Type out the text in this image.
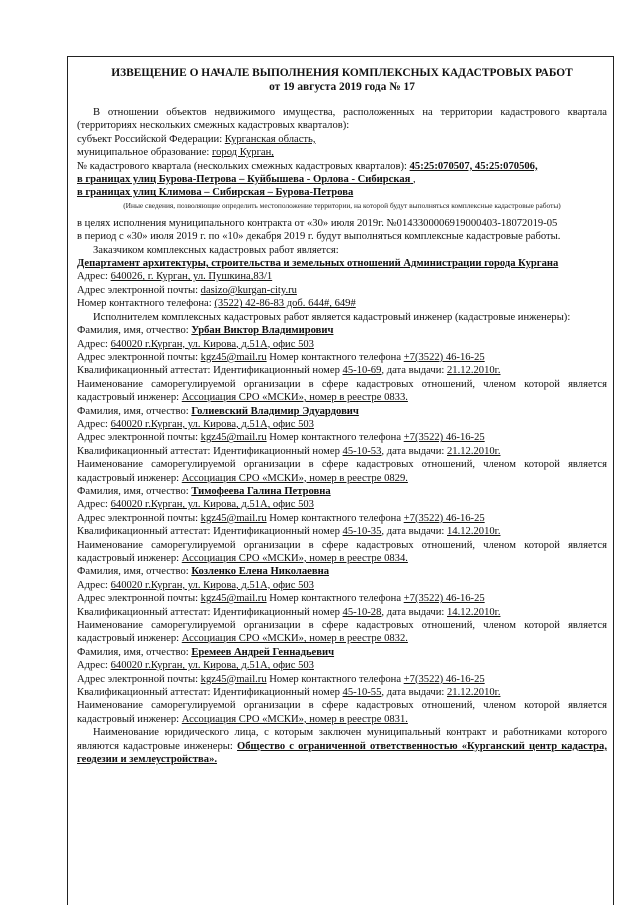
ИЗВЕЩЕНИЕ О НАЧАЛЕ ВЫПОЛНЕНИЯ КОМПЛЕКСНЫХ КАДАСТРОВЫХ РАБОТ
от 19 августа 2019 года № 17

В отношении объектов недвижимого имущества, расположенных на территории кадастрового квартала (территориях нескольких смежных кадастровых кварталов):

субъект Российской Федерации: Курганская область,

муниципальное образование: город Курган,

№ кадастрового квартала (нескольких смежных кадастровых кварталов): 45:25:070507, 45:25:070506,

в границах улиц Бурова-Петрова – Куйбышева - Орлова - Сибирская ,

в границах улиц Климова – Сибирская – Бурова-Петрова

(Иные сведения, позволяющие определить местоположение территории, на которой будут выполняться комплексные кадастровые работы)

в целях исполнения муниципального контракта от «30» июля 2019г. №0143300006919000403-18072019-05

в период с «30» июля 2019 г. по «10» декабря 2019 г. будут выполняться комплексные кадастровые работы.

Заказчиком комплексных кадастровых работ является:

Департамент архитектуры, строительства и земельных отношений Администрации города Кургана

Адрес: 640026, г. Курган, ул. Пушкина,83/1

Адрес электронной почты: dasizo@kurgan-city.ru

Номер контактного телефона: (3522) 42-86-83 доб. 644#, 649#

Исполнителем комплексных кадастровых работ является кадастровый инженер (кадастровые инженеры):

Фамилия, имя, отчество: Урбан Виктор Владимирович

Адрес: 640020 г.Курган, ул. Кирова, д.51А, офис 503

Адрес электронной почты: kgz45@mail.ru Номер контактного телефона +7(3522) 46-16-25

Квалификационный аттестат: Идентификационный номер 45-10-69, дата выдачи: 21.12.2010г.

Наименование саморегулируемой организации в сфере кадастровых отношений, членом которой является кадастровый инженер: Ассоциация СРО «МСКИ», номер в реестре 0833.

Фамилия, имя, отчество: Голиевский Владимир Эдуардович

Адрес: 640020 г.Курган, ул. Кирова, д.51А, офис 503

Адрес электронной почты: kgz45@mail.ru Номер контактного телефона +7(3522) 46-16-25

Квалификационный аттестат: Идентификационный номер 45-10-53, дата выдачи: 21.12.2010г.

Наименование саморегулируемой организации в сфере кадастровых отношений, членом которой является кадастровый инженер: Ассоциация СРО «МСКИ», номер в реестре 0829.

Фамилия, имя, отчество: Тимофеева Галина Петровна

Адрес: 640020 г.Курган, ул. Кирова, д.51А, офис 503

Адрес электронной почты: kgz45@mail.ru Номер контактного телефона +7(3522) 46-16-25

Квалификационный аттестат: Идентификационный номер 45-10-35, дата выдачи: 14.12.2010г.

Наименование саморегулируемой организации в сфере кадастровых отношений, членом которой является кадастровый инженер: Ассоциация СРО «МСКИ», номер в реестре 0834.

Фамилия, имя, отчество: Козленко Елена Николаевна

Адрес: 640020 г.Курган, ул. Кирова, д.51А, офис 503

Адрес электронной почты: kgz45@mail.ru Номер контактного телефона +7(3522) 46-16-25

Квалификационный аттестат: Идентификационный номер 45-10-28, дата выдачи: 14.12.2010г.

Наименование саморегулируемой организации в сфере кадастровых отношений, членом которой является кадастровый инженер: Ассоциация СРО «МСКИ», номер в реестре 0832.

Фамилия, имя, отчество: Еремеев Андрей Геннадьевич

Адрес: 640020 г.Курган, ул. Кирова, д.51А, офис 503

Адрес электронной почты: kgz45@mail.ru Номер контактного телефона +7(3522) 46-16-25

Квалификационный аттестат: Идентификационный номер 45-10-55, дата выдачи: 21.12.2010г.

Наименование саморегулируемой организации в сфере кадастровых отношений, членом которой является кадастровый инженер: Ассоциация СРО «МСКИ», номер в реестре 0831.

Наименование юридического лица, с которым заключен муниципальный контракт и работниками которого являются кадастровые инженеры: Общество с ограниченной ответственностью «Курганский центр кадастра, геодезии и землеустройства».
